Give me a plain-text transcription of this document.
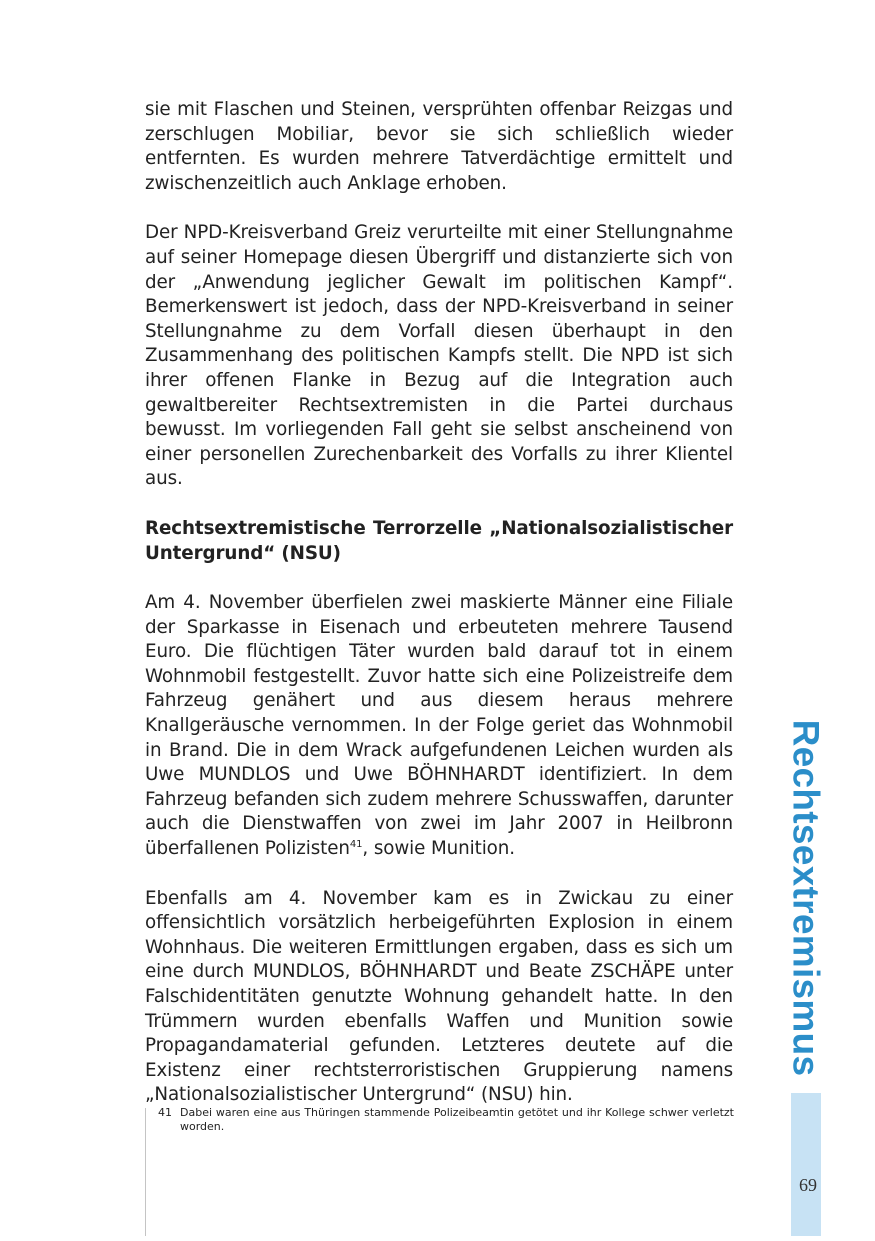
sie mit Flaschen und Steinen, versprühten offenbar Reizgas und zerschlugen Mobiliar, bevor sie sich schließlich wieder entfernten. Es wurden mehrere Tatverdächtige ermittelt und zwischenzeitlich auch Anklage erhoben.

Der NPD-Kreisverband Greiz verurteilte mit einer Stellungnahme auf seiner Homepage diesen Übergriff und distanzierte sich von der „Anwendung jeglicher Gewalt im politischen Kampf“. Bemerkenswert ist jedoch, dass der NPD-Kreisverband in seiner Stellungnahme zu dem Vorfall diesen überhaupt in den Zusammenhang des politischen Kampfs stellt. Die NPD ist sich ihrer offenen Flanke in Bezug auf die Integration auch gewaltbereiter Rechtsextremisten in die Partei durchaus bewusst. Im vorliegenden Fall geht sie selbst anscheinend von einer personellen Zurechenbarkeit des Vorfalls zu ihrer Klientel aus.

Rechtsextremistische Terrorzelle „Nationalsozialistischer Untergrund“ (NSU)

Am 4. November überfielen zwei maskierte Männer eine Filiale der Sparkasse in Eisenach und erbeuteten mehrere Tausend Euro. Die flüchtigen Täter wurden bald darauf tot in einem Wohnmobil festgestellt. Zuvor hatte sich eine Polizeistreife dem Fahrzeug genähert und aus diesem heraus mehrere Knallgeräusche vernommen. In der Folge geriet das Wohnmobil in Brand. Die in dem Wrack aufgefundenen Leichen wurden als Uwe MUNDLOS und Uwe BÖHNHARDT identifiziert. In dem Fahrzeug befanden sich zudem mehrere Schusswaffen, darunter auch die Dienstwaffen von zwei im Jahr 2007 in Heilbronn überfallenen Polizisten$^{41}$, sowie Munition.

Ebenfalls am 4. November kam es in Zwickau zu einer offensichtlich vorsätzlich herbeigeführten Explosion in einem Wohnhaus. Die weiteren Ermittlungen ergaben, dass es sich um eine durch MUNDLOS, BÖHNHARDT und Beate ZSCHÄPE unter Falschidentitäten genutzte Wohnung gehandelt hatte. In den Trümmern wurden ebenfalls Waffen und Munition sowie Propagandamaterial gefunden. Letzteres deutete auf die Existenz einer rechtsterroristischen Gruppierung namens „Nationalsozialistischer Untergrund“ (NSU) hin.

41 Dabei waren eine aus Thüringen stammende Polizeibeamtin getötet und ihr Kollege schwer verletzt worden.
Rechtsextremismus
69
